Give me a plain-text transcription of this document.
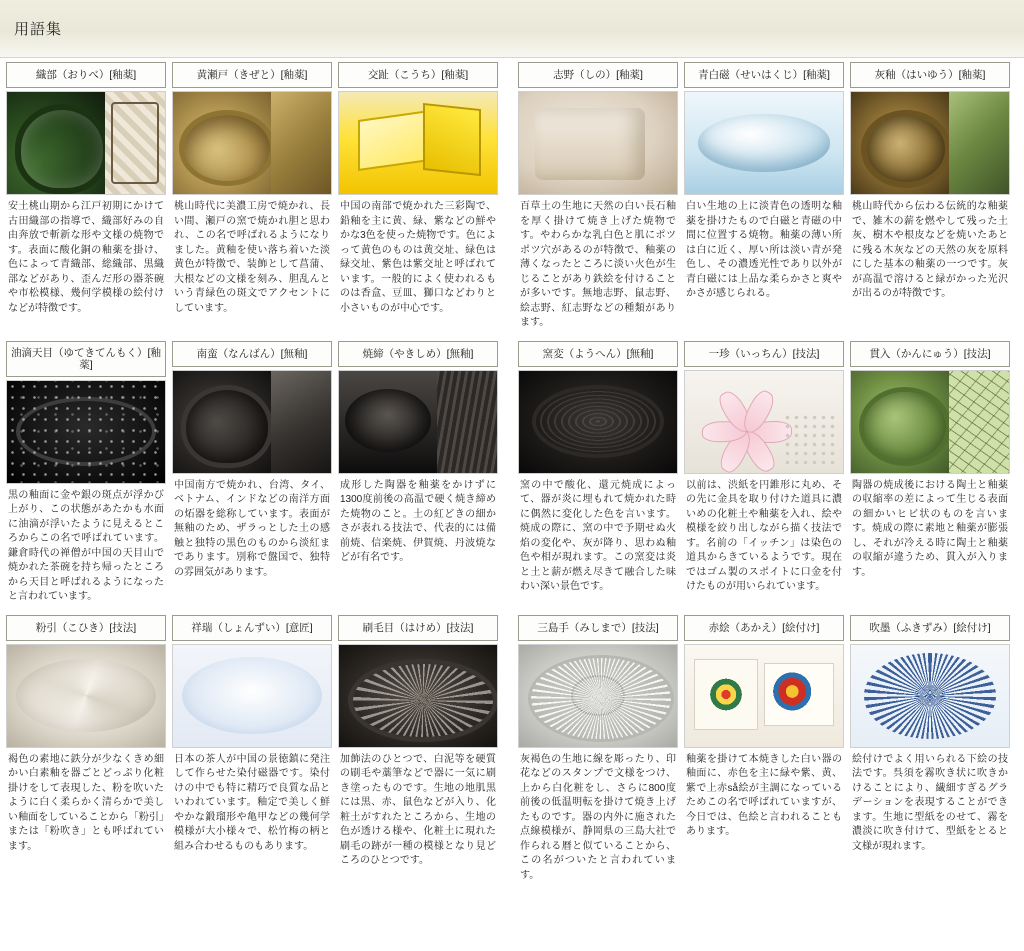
用語集
織部（おりべ）[釉薬]
安土桃山期から江戸初期にかけて古田織部の指導で、織部好みの自由奔放で斬新な形や文様の焼物です。表面に酸化銅の釉薬を掛け、色によって青織部、総織部、黒織部などがあり、歪んだ形の器茶碗や市松模様、幾何学模様の絵付けなどが特徴です。
黄瀬戸（きぜと）[釉薬]
桃山時代に美濃工房で焼かれ、長い間、瀬戸の窯で焼かれ胆と思われ、この名で呼ばれるようになりました。黄釉を使い落ち着いた淡黄色が特徴で、装飾として菖蒲、大根などの文様を刻み、胆乱んという青緑色の斑文でアクセントにしています。
交趾（こうち）[釉薬]
中国の南部で焼かれた三彩陶で、鉛釉を主に黄、緑、紫などの鮮やかな3色を使った焼物です。色によって黄色のものは黄交址、緑色は緑交址、紫色は紫交址と呼ばれています。一般的によく使われるものは香盒、豆皿、獅口などわりと小さいものが中心です。
志野（しの）[釉薬]
百草土の生地に天然の白い長石釉を厚く掛けて焼き上げた焼物です。やわらかな乳白色と肌にポツポツ穴があるのが特徴で、釉薬の薄くなったところに淡い火色が生じることがあり鉄絵を付けることが多いです。無地志野、鼠志野、絵志野、紅志野などの種類があります。
青白磁（せいはくじ）[釉薬]
白い生地の上に淡青色の透明な釉薬を掛けたもので白磁と青磁の中間に位置する焼物。釉薬の薄い所は白に近く、厚い所は淡い青が発色し、その濃透光性であり以外が青白磁には上品な柔らかさと爽やかさが感じられる。
灰釉（はいゆう）[釉薬]
桃山時代から伝わる伝統的な釉薬で、雑木の薪を燃やして残った土灰、樹木や根皮などを焼いたあとに残る木灰などの天然の灰を原料にした基本の釉薬の一つです。灰が高温で溶けると緑がかった光沢が出るのが特徴です。
油滴天目（ゆてきてんもく）[釉薬]
黒の釉面に金や銀の斑点が浮かび上がり、この状態があたかも水面に油滴が浮いたように見えるところからこの名で呼ばれています。鎌倉時代の禅僧が中国の天目山で焼かれた茶碗を持ち帰ったところから天目と呼ばれるようになったと言われています。
南蛮（なんばん）[無釉]
中国南方で焼かれ、台湾、タイ、ベトナム、インドなどの南洋方面の炻器を総称しています。表面が無釉のため、ザラっとした土の感触と独特の黒色のものから淡紅まであります。別称で盤国で、独特の雰囲気があります。
焼締（やきしめ）[無釉]
成形した陶器を釉薬をかけずに1300度前後の高温で硬く焼き締めた焼物のこと。土の紅どきの細かさが表れる技法で、代表的には備前焼、信楽焼、伊賀焼、丹波焼などが有名です。
窯変（ようへん）[無釉]
窯の中で酸化、還元焼成によって、器が炎に埋もれて焼かれた時に偶然に変化した色を言います。焼成の際に、窯の中で予期せぬ火焰の変化や、灰が降り、思わぬ釉色や相が現れます。この窯変は炎と土と薪が燃え尽きて融合した味わい深い景色です。
一珍（いっちん）[技法]
以前は、渋紙を円錐形に丸め、その先に金具を取り付けた道具に濃いめの化粧土や釉薬を入れ、絵や模様を絞り出しながら描く技法です。名前の「イッチン」は染色の道具からきているようです。現在ではゴム製のスポイトに口金を付けたものが用いられています。
貫入（かんにゅう）[技法]
陶器の焼成後における陶土と釉薬の収縮率の差によって生じる表面の細かいヒビ状のものを言います。焼成の際に素地と釉薬が膨張し、それが冷える時に陶土と釉薬の収縮が違うため、貫入が入ります。
粉引（こひき）[技法]
褐色の素地に鉄分が少なくきめ細かい白素釉を器ごとどっぷり化粧掛けをして表現した、粉を吹いたように白く柔らかく清らかで美しい釉面をしていることから「粉引」または「粉吹き」とも呼ばれています。
祥瑞（しょんずい）[意匠]
日本の茶人が中国の景徳鎮に発注して作らせた染付磁器です。染付けの中でも特に精巧で良質な品といわれています。釉定で美しく鮮やかな鍛瑠形や亀甲などの幾何学模様が大小様々で、松竹梅の柄と組み合わせるものもあります。
刷毛目（はけめ）[技法]
加飾法のひとつで、白泥等を硬質の刷毛や藁筆などで器に一気に刷き塗ったものです。生地の地肌黒には黒、赤、鼠色などが入り、化粧土がすれたところから、生地の色が透ける様や、化粧土に現れた刷毛の跡が一種の模様となり見どころのひとつです。
三島手（みしまで）[技法]
灰褐色の生地に線を彫ったり、印花などのスタンプで文様をつけ、上から白化粧をし、さらに800度前後の低温明転を掛けて焼き上げたものです。器の内外に施された点線模様が、静岡県の三島大社で作られる暦と似ていることから、この名がついたと言われています。
赤絵（あかえ）[絵付け]
釉薬を掛けて本焼きした白い器の釉面に、赤色を主に緑や紫、黄、紫で上赤så絵が主調になっているためこの名で呼ばれていますが、今日では、色絵と言われることもあります。
吹墨（ふきずみ）[絵付け]
絵付けでよく用いられる下絵の技法です。呉須を霧吹き状に吹きかけることにより、繊細すぎるグラデーションを表現することができます。生地に型紙をのせて、霧を濃淡に吹き付けて、型紙をとると文様が現れます。
